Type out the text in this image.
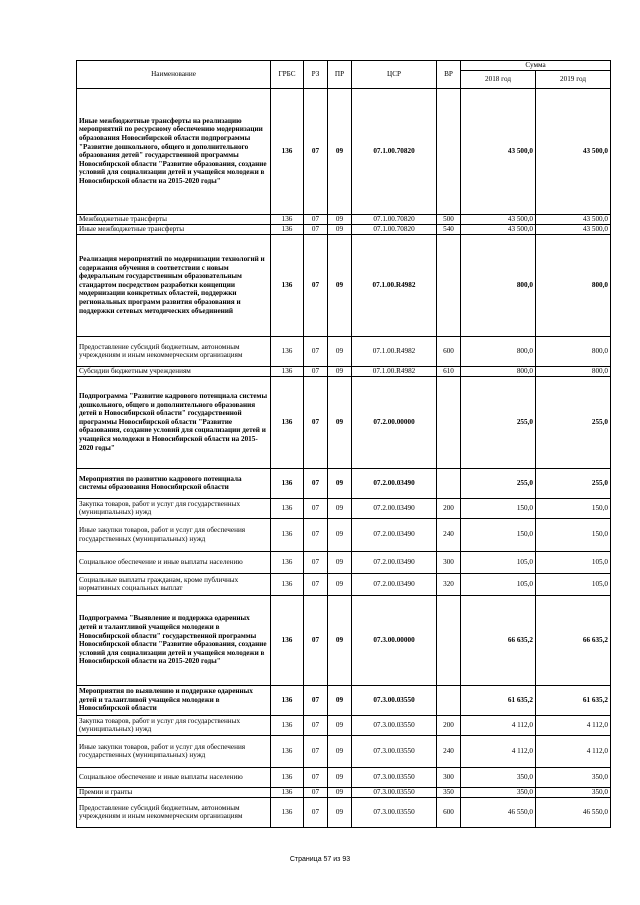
Наименование	ГРБС	РЗ	ПР	ЦСР	ВР	Сумма	
						2018 год	2019 год
Иные межбюджетные трансферты на реализацию мероприятий по ресурсному обеспечению модернизации образования Новосибирской области подпрограммы "Развитие дошкольного, общего и дополнительного образования детей" государственной программы Новосибирской области "Развитие образования, создание условий для социализации детей и учащейся молодежи в Новосибирской области на 2015-2020 годы"	136	07	09	07.1.00.70820		43 500,0	43 500,0
Межбюджетные трансферты	136	07	09	07.1.00.70820	500	43 500,0	43 500,0
Иные межбюджетные трансферты	136	07	09	07.1.00.70820	540	43 500,0	43 500,0
Реализация мероприятий по модернизации технологий и содержания обучения в соответствии с новым федеральным государственным образовательным стандартом посредством разработки концепции модернизации конкретных областей, поддержки региональных программ развития образования и поддержки сетевых методических объединений	136	07	09	07.1.00.R4982		800,0	800,0
Предоставление субсидий бюджетным, автономным учреждениям и иным некоммерческим организациям	136	07	09	07.1.00.R4982	600	800,0	800,0
Субсидии бюджетным учреждениям	136	07	09	07.1.00.R4982	610	800,0	800,0
Подпрограмма "Развитие кадрового потенциала системы дошкольного, общего и дополнительного образования детей в Новосибирской области" государственной программы Новосибирской области "Развитие образования, создание условий для социализации детей и учащейся молодежи в Новосибирской области на 2015-2020 годы"	136	07	09	07.2.00.00000		255,0	255,0
Мероприятия по развитию кадрового потенциала системы образования Новосибирской области	136	07	09	07.2.00.03490		255,0	255,0
Закупка товаров, работ и услуг для государственных (муниципальных) нужд	136	07	09	07.2.00.03490	200	150,0	150,0
Иные закупки товаров, работ и услуг для обеспечения государственных (муниципальных) нужд	136	07	09	07.2.00.03490	240	150,0	150,0
Социальное обеспечение и иные выплаты населению	136	07	09	07.2.00.03490	300	105,0	105,0
Социальные выплаты гражданам, кроме публичных нормативных социальных выплат	136	07	09	07.2.00.03490	320	105,0	105,0
Подпрограмма "Выявление и поддержка одаренных детей и талантливой учащейся молодежи в Новосибирской области" государственной программы Новосибирской области "Развитие образования, создание условий для социализации детей и учащейся молодежи в Новосибирской области на 2015-2020 годы"	136	07	09	07.3.00.00000		66 635,2	66 635,2
Мероприятия по выявлению и поддержке одаренных детей и талантливой учащейся молодежи в Новосибирской области	136	07	09	07.3.00.03550		61 635,2	61 635,2
Закупка товаров, работ и услуг для государственных (муниципальных) нужд	136	07	09	07.3.00.03550	200	4 112,0	4 112,0
Иные закупки товаров, работ и услуг для обеспечения государственных (муниципальных) нужд	136	07	09	07.3.00.03550	240	4 112,0	4 112,0
Социальное обеспечение и иные выплаты населению	136	07	09	07.3.00.03550	300	350,0	350,0
Премии и гранты	136	07	09	07.3.00.03550	350	350,0	350,0
Предоставление субсидий бюджетным, автономным учреждениям и иным некоммерческим организациям	136	07	09	07.3.00.03550	600	46 550,0	46 550,0
Страница 57 из 93
